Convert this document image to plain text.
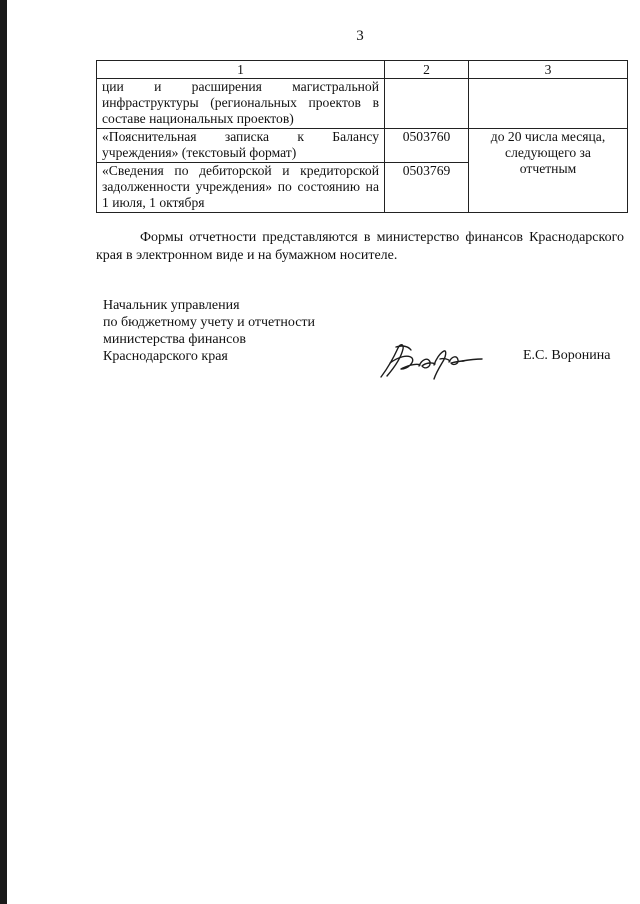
3
1	2	3
ции и расширения магистральной инфраструктуры (региональных проектов в составе национальных проектов)		
«Пояснительная записка к Балансу учреждения» (текстовый формат)	0503760	до 20 числа месяца,
следующего за
отчетным

«Сведения по дебиторской и кредиторской задолженности учреждения» по состоянию на 1 июля, 1 октября	0503769	

Формы отчетности представляются в министерство финансов Краснодарского края в электронном виде и на бумажном носителе.

Начальник управления
по бюджетному учету и отчетности
министерства финансов
Краснодарского края	Е.С. Воронина
